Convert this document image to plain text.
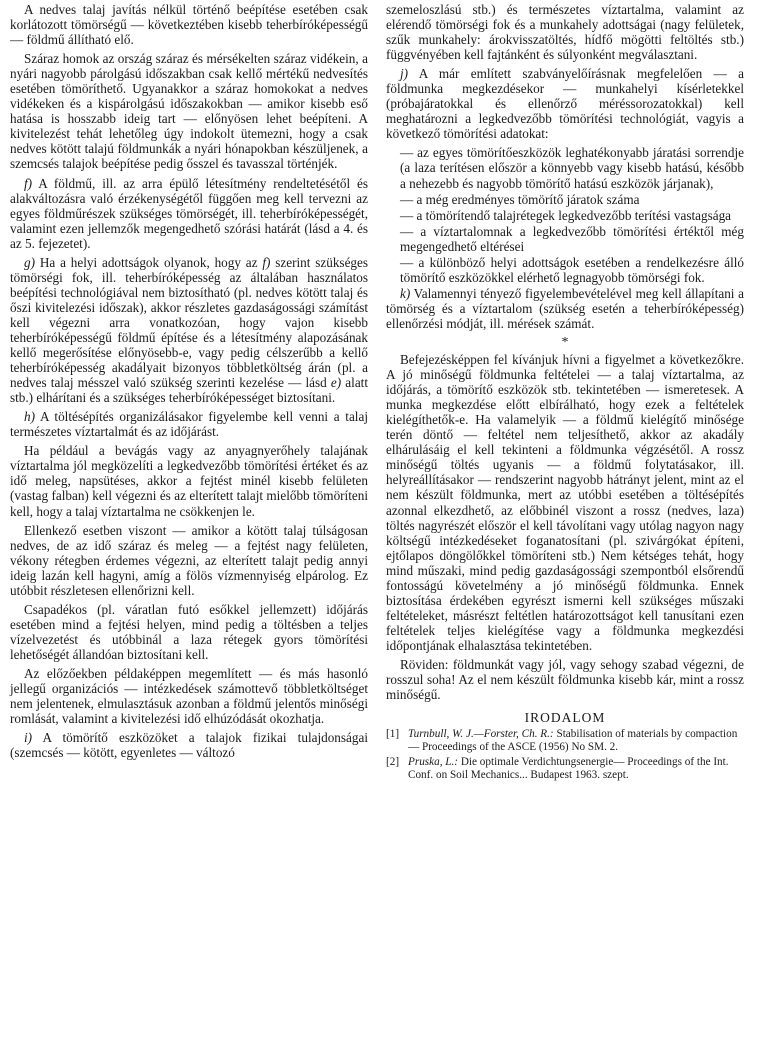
A nedves talaj javítás nélkül történő beépítése esetében csak korlátozott tömörségű — következtében kisebb teherbíróképességű — földmű állítható elő.

Száraz homok az ország száraz és mérsékelten száraz vidékein, a nyári nagyobb párolgású időszakban csak kellő mértékű nedvesítés esetében tömöríthető. Ugyanakkor a száraz homokokat a nedves vidékeken és a kispárolgású időszakokban — amikor kisebb eső hatása is hosszabb ideig tart — előnyösen lehet beépíteni. A kivitelezést tehát lehetőleg úgy indokolt ütemezni, hogy a csak nedves kötött talajú földmunkák a nyári hónapokban készüljenek, a szemcsés talajok beépítése pedig ősszel és tavasszal történjék.

f) A földmű, ill. az arra épülő létesítmény rendeltetésétől és alakváltozásra való érzékenységétől függően meg kell tervezni az egyes földműrészek szükséges tömörségét, ill. teherbíróképességét, valamint ezen jellemzők megengedhető szórási határát (lásd a 4. és az 5. fejezetet).

g) Ha a helyi adottságok olyanok, hogy az f) szerint szükséges tömörségi fok, ill. teherbíróképesség az általában használatos beépítési technológiával nem biztosítható (pl. nedves kötött talaj és őszi kivitelezési időszak), akkor részletes gazdaságossági számítást kell végezni arra vonatkozóan, hogy vajon kisebb teherbíróképességű földmű építése és a létesítmény alapozásának kellő megerősítése előnyösebb-e, vagy pedig célszerűbb a kellő teherbíróképesség akadályait bizonyos többletköltség árán (pl. a nedves talaj mésszel való szükség szerinti kezelése — lásd e) alatt stb.) elhárítani és a szükséges teherbíróképességet biztosítani.

h) A töltésépítés organizálásakor figyelembe kell venni a talaj természetes víztartalmát és az időjárást.

Ha például a bevágás vagy az anyagnyerőhely talajának víztartalma jól megközelíti a legkedvezőbb tömörítési értéket és az idő meleg, napsütéses, akkor a fejtést minél kisebb felületen (vastag falban) kell végezni és az elterített talajt mielőbb tömöríteni kell, hogy a talaj víztartalma ne csökkenjen le.

Ellenkező esetben viszont — amikor a kötött talaj túlságosan nedves, de az idő száraz és meleg — a fejtést nagy felületen, vékony rétegben érdemes végezni, az elterített talajt pedig annyi ideig lazán kell hagyni, amíg a fölös vízmennyiség elpárolog. Ez utóbbit részletesen ellenőrizni kell.

Csapadékos (pl. váratlan futó esőkkel jellemzett) időjárás esetében mind a fejtési helyen, mind pedig a töltésben a teljes vízelvezetést és utóbbinál a laza rétegek gyors tömörítési lehetőségét állandóan biztosítani kell.

Az előzőekben példaképpen megemlített — és más hasonló jellegű organizációs — intézkedések számottevő többletköltséget nem jelentenek, elmulasztásuk azonban a földmű jelentős minőségi romlását, valamint a kivitelezési idő elhúzódását okozhatja.

i) A tömörítő eszközöket a talajok fizikai tulajdonságai (szemcsés — kötött, egyenletes — változó

szemeloszlású stb.) és természetes víztartalma, valamint az elérendő tömörségi fok és a munkahely adottságai (nagy felületek, szűk munkahely: árokvisszatöltés, hídfő mögötti feltöltés stb.) függvényében kell fajtánként és súlyonként megválasztani.

j) A már említett szabványelőírásnak megfelelően — a földmunka megkezdésekor — munkahelyi kísérletekkel (próbajáratokkal és ellenőrző méréssorozatokkal) kell meghatározni a legkedvezőbb tömörítési technológiát, vagyis a következő tömörítési adatokat:

— az egyes tömörítőeszközök leghatékonyabb járatási sorrendje (a laza terítésen először a könnyebb vagy kisebb hatású, később a nehezebb és nagyobb tömörítő hatású eszközök járjanak),

— a még eredményes tömörítő járatok száma

— a tömörítendő talajrétegek legkedvezőbb terítési vastagsága

— a víztartalomnak a legkedvezőbb tömörítési értéktől még megengedhető eltérései

— a különböző helyi adottságok esetében a rendelkezésre álló tömörítő eszközökkel elérhető legnagyobb tömörségi fok.

k) Valamennyi tényező figyelembevételével meg kell állapítani a tömörség és a víztartalom (szükség esetén a teherbíróképesség) ellenőrzési módját, ill. mérések számát.

*

Befejezésképpen fel kívánjuk hívni a figyelmet a következőkre. A jó minőségű földmunka feltételei — a talaj víztartalma, az időjárás, a tömörítő eszközök stb. tekintetében — ismeretesek. A munka megkezdése előtt elbírálható, hogy ezek a feltételek kielégíthetők-e. Ha valamelyik — a földmű kielégítő minősége terén döntő — feltétel nem teljesíthető, akkor az akadály elhárulásáig el kell tekinteni a földmunka végzésétől. A rossz minőségű töltés ugyanis — a földmű folytatásakor, ill. helyreállításakor — rendszerint nagyobb hátrányt jelent, mint az el nem készült földmunka, mert az utóbbi esetében a töltésépítés azonnal elkezdhető, az előbbinél viszont a rossz (nedves, laza) töltés nagyrészét először el kell távolítani vagy utólag nagyon nagy költségű intézkedéseket foganatosítani (pl. szivárgókat építeni, ejtőlapos döngölőkkel tömöríteni stb.) Nem kétséges tehát, hogy mind műszaki, mind pedig gazdaságossági szempontból elsőrendű fontosságú követelmény a jó minőségű földmunka. Ennek biztosítása érdekében egyrészt ismerni kell szükséges műszaki feltételeket, másrészt feltétlen határozottságot kell tanusítani ezen feltételek teljes kielégítése vagy a földmunka megkezdési időpontjának elhalasztása tekintetében.

Röviden: földmunkát vagy jól, vagy sehogy szabad végezni, de rosszul soha! Az el nem készült földmunka kisebb kár, mint a rossz minőségű.

IRODALOM
[1] Turnbull, W. J.—Forster, Ch. R.: Stabilisation of materials by compaction — Proceedings of the ASCE (1956) No SM. 2.
[2] Pruska, L.: Die optimale Verdichtungsenergie— Proceedings of the Int. Conf. on Soil Mechanics... Budapest 1963. szept.
